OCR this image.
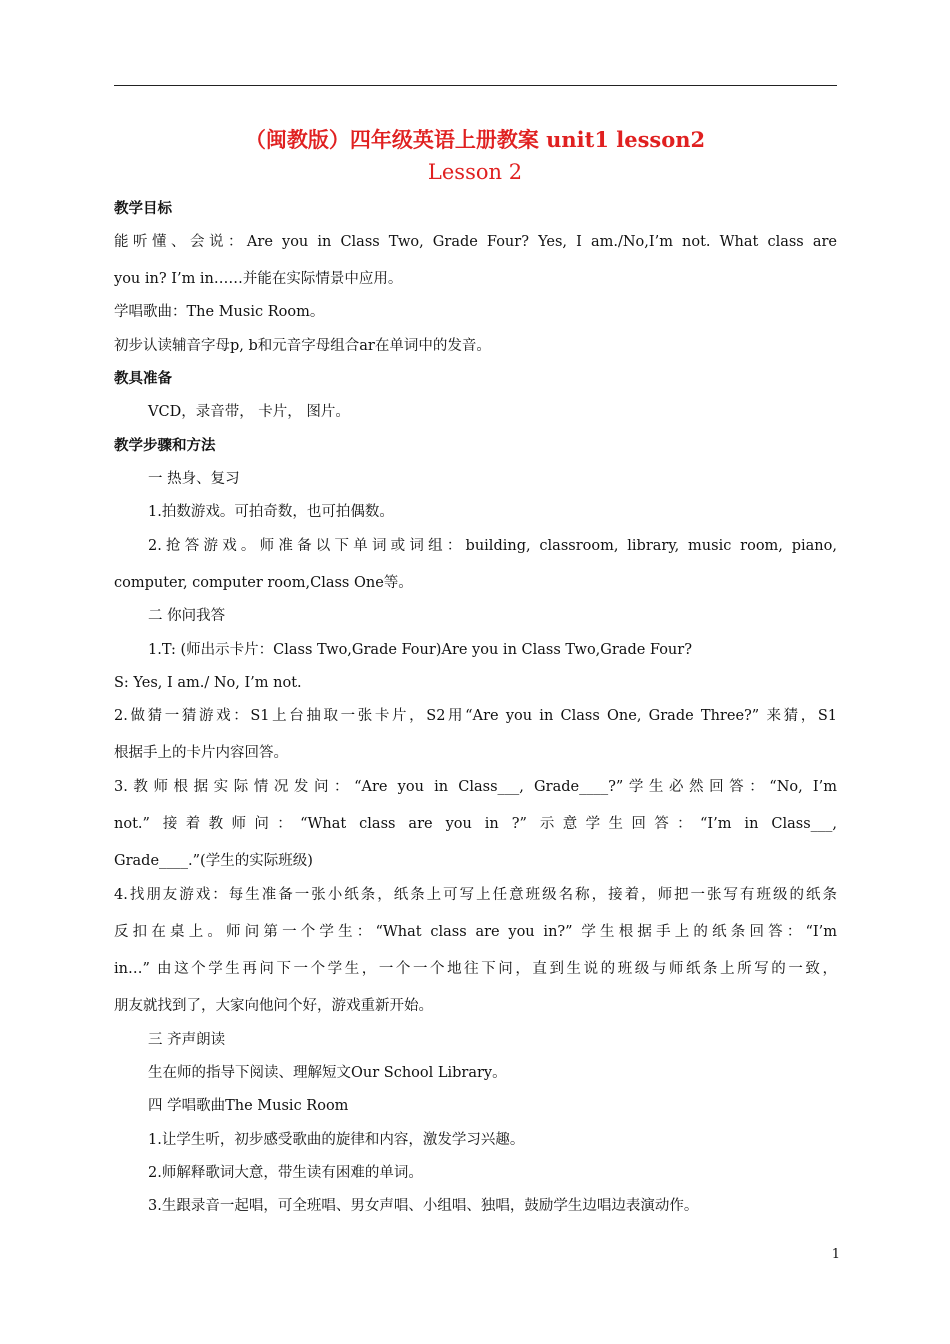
（闽教版）四年级英语上册教案 unit1 lesson2
Lesson 2
教学目标
能听懂、会说：Are you in Class Two, Grade Four? Yes, I am./No,I’m not. What class are
you in? I’m in……并能在实际情景中应用。
学唱歌曲：The Music Room。
初步认读辅音字母p, b和元音字母组合ar在单词中的发音。
教具准备
VCD，录音带， 卡片， 图片。
教学步骤和方法
一 热身、复习
1.拍数游戏。可拍奇数，也可拍偶数。
2.抢答游戏。师准备以下单词或词组：building, classroom, library, music room, piano,
computer, computer room,Class One等。
二 你问我答
1.T: (师出示卡片：Class Two,Grade Four)Are you in Class Two,Grade Four?
S: Yes, I am./ No, I’m not.
2.做猜一猜游戏：S1上台抽取一张卡片，S2用“Are you in Class One, Grade Three?” 来猜，S1
根据手上的卡片内容回答。
3.教师根据实际情况发问：“Are you in Class___, Grade____?”学生必然回答：“No, I’m
not.” 接着教师问：“What class are you in ?” 示意学生回答：“I’m in Class___,
Grade____.”(学生的实际班级)
4.找朋友游戏：每生准备一张小纸条，纸条上可写上任意班级名称，接着，师把一张写有班级的纸条
反扣在桌上。师问第一个学生：“What class are you in?” 学生根据手上的纸条回答：“I’m
in…” 由这个学生再问下一个学生，一个一个地往下问，直到生说的班级与师纸条上所写的一致，
朋友就找到了，大家向他问个好，游戏重新开始。
三 齐声朗读
生在师的指导下阅读、理解短文Our School Library。
四 学唱歌曲The Music Room
1.让学生听，初步感受歌曲的旋律和内容，激发学习兴趣。
2.师解释歌词大意，带生读有困难的单词。
3.生跟录音一起唱，可全班唱、男女声唱、小组唱、独唱，鼓励学生边唱边表演动作。
1
